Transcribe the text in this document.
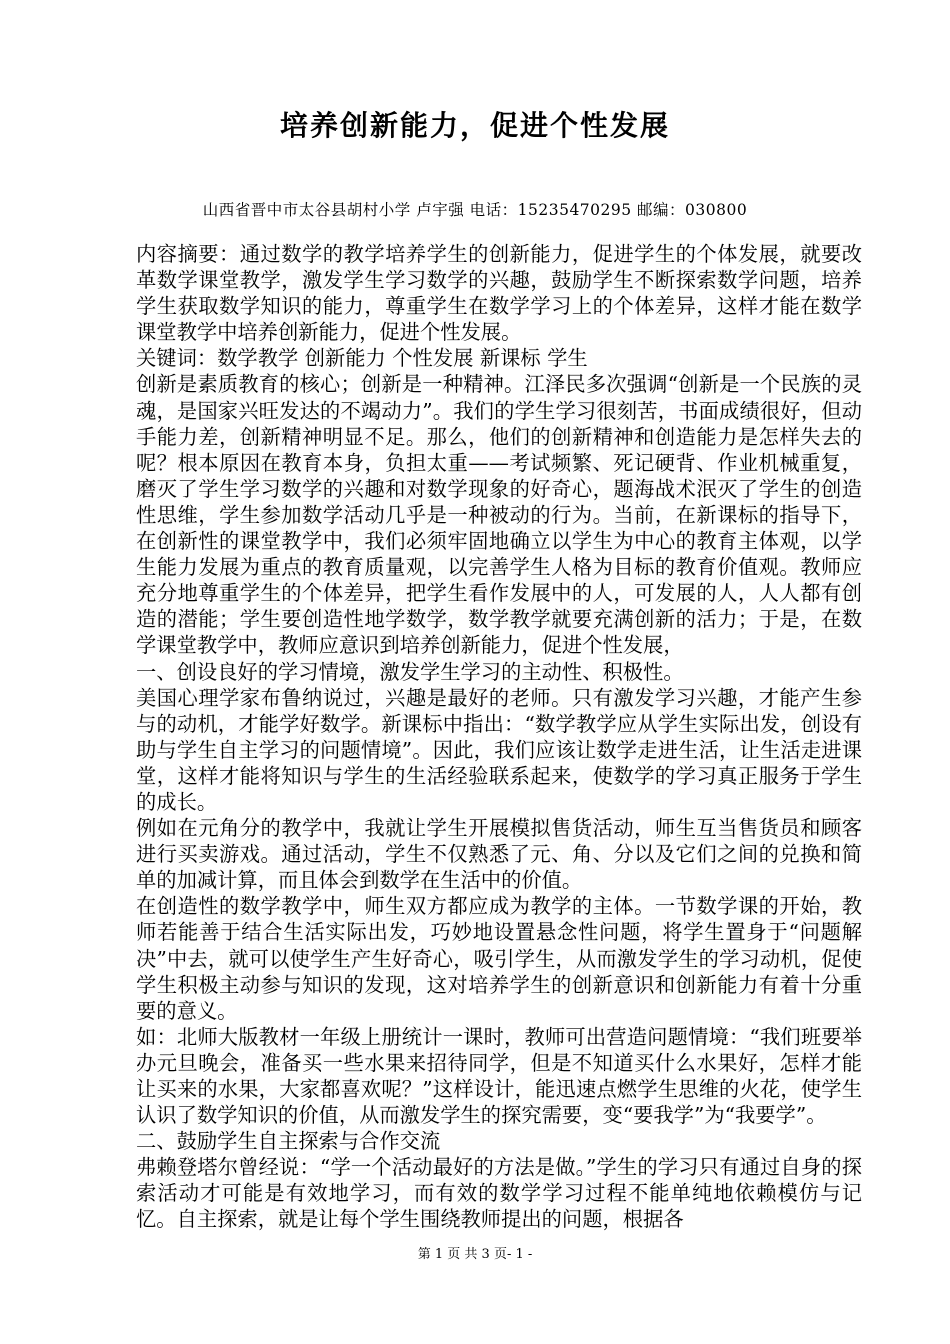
培养创新能力，促进个性发展
山西省晋中市太谷县胡村小学 卢宇强 电话：15235470295 邮编：030800

内容摘要：通过数学的教学培养学生的创新能力，促进学生的个体发展，就要改革数学课堂教学，激发学生学习数学的兴趣，鼓励学生不断探索数学问题，培养学生获取数学知识的能力，尊重学生在数学学习上的个体差异，这样才能在数学课堂教学中培养创新能力，促进个性发展。

关键词：数学教学 创新能力 个性发展 新课标 学生

创新是素质教育的核心；创新是一种精神。江泽民多次强调“创新是一个民族的灵魂，是国家兴旺发达的不竭动力”。我们的学生学习很刻苦，书面成绩很好，但动手能力差，创新精神明显不足。那么，他们的创新精神和创造能力是怎样失去的呢？根本原因在教育本身，负担太重——考试频繁、死记硬背、作业机械重复，磨灭了学生学习数学的兴趣和对数学现象的好奇心，题海战术泯灭了学生的创造性思维，学生参加数学活动几乎是一种被动的行为。当前，在新课标的指导下，在创新性的课堂教学中，我们必须牢固地确立以学生为中心的教育主体观，以学生能力发展为重点的教育质量观，以完善学生人格为目标的教育价值观。教师应充分地尊重学生的个体差异，把学生看作发展中的人，可发展的人，人人都有创造的潜能；学生要创造性地学数学，数学教学就要充满创新的活力；于是，在数学课堂教学中，教师应意识到培养创新能力，促进个性发展，

一、创设良好的学习情境，激发学生学习的主动性、积极性。

美国心理学家布鲁纳说过，兴趣是最好的老师。只有激发学习兴趣，才能产生参与的动机，才能学好数学。新课标中指出：“数学教学应从学生实际出发，创设有助与学生自主学习的问题情境”。因此，我们应该让数学走进生活，让生活走进课堂，这样才能将知识与学生的生活经验联系起来，使数学的学习真正服务于学生的成长。

例如在元角分的教学中，我就让学生开展模拟售货活动，师生互当售货员和顾客进行买卖游戏。通过活动，学生不仅熟悉了元、角、分以及它们之间的兑换和简单的加减计算，而且体会到数学在生活中的价值。

在创造性的数学教学中，师生双方都应成为教学的主体。一节数学课的开始，教师若能善于结合生活实际出发，巧妙地设置悬念性问题，将学生置身于“问题解决”中去，就可以使学生产生好奇心，吸引学生，从而激发学生的学习动机，促使学生积极主动参与知识的发现，这对培养学生的创新意识和创新能力有着十分重要的意义。

如：北师大版教材一年级上册统计一课时，教师可出营造问题情境：“我们班要举办元旦晚会，准备买一些水果来招待同学，但是不知道买什么水果好，怎样才能让买来的水果，大家都喜欢呢？”这样设计，能迅速点燃学生思维的火花，使学生认识了数学知识的价值，从而激发学生的探究需要，变“要我学”为“我要学”。

二、鼓励学生自主探索与合作交流

弗赖登塔尔曾经说：“学一个活动最好的方法是做。”学生的学习只有通过自身的探索活动才可能是有效地学习，而有效的数学学习过程不能单纯地依赖模仿与记忆。自主探索，就是让每个学生围绕教师提出的问题，根据各

第 1 页 共 3 页- 1 -
